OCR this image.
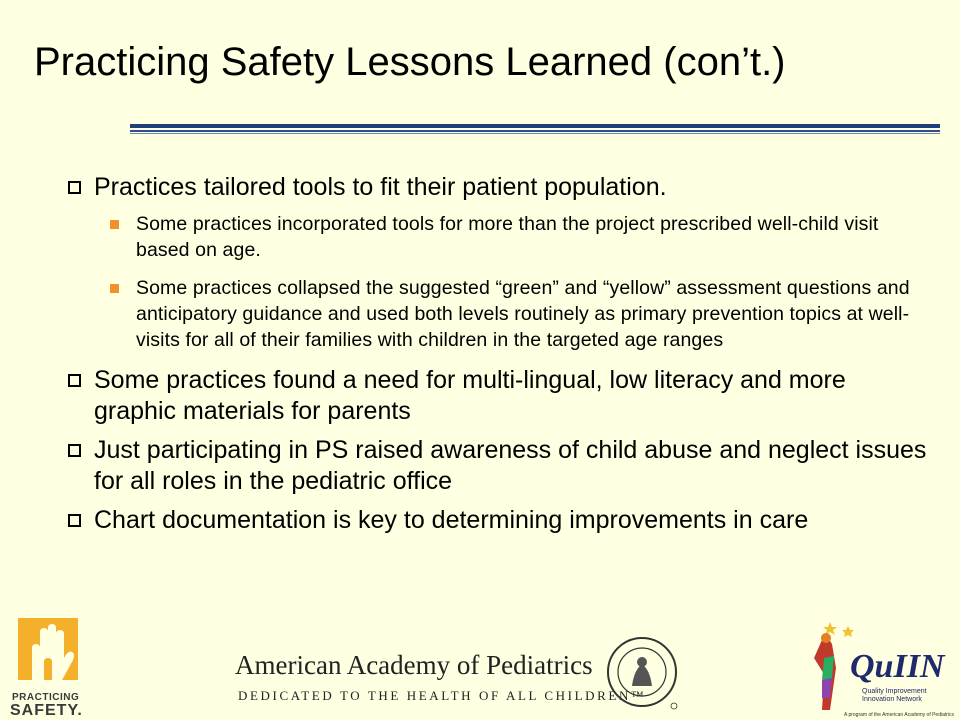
Practicing Safety Lessons Learned (con’t.)
Practices tailored tools to fit their patient population.
Some practices incorporated tools for more than the project prescribed well-child visit based on age.
Some practices collapsed the suggested “green” and “yellow” assessment questions and anticipatory guidance and used both levels routinely as primary prevention topics at well-visits for all of their families with children in the targeted age ranges
Some practices found a need for multi-lingual, low literacy and more graphic materials for parents
Just participating in PS raised awareness of child abuse and neglect issues for all roles in the pediatric office
Chart documentation is key to determining improvements in care
PRACTICING
SAFETY.
American Academy of Pediatrics
DEDICATED TO THE HEALTH OF ALL CHILDREN™
QuIIN
Quality Improvement
Innovation Network
A program of the American Academy of Pediatrics
